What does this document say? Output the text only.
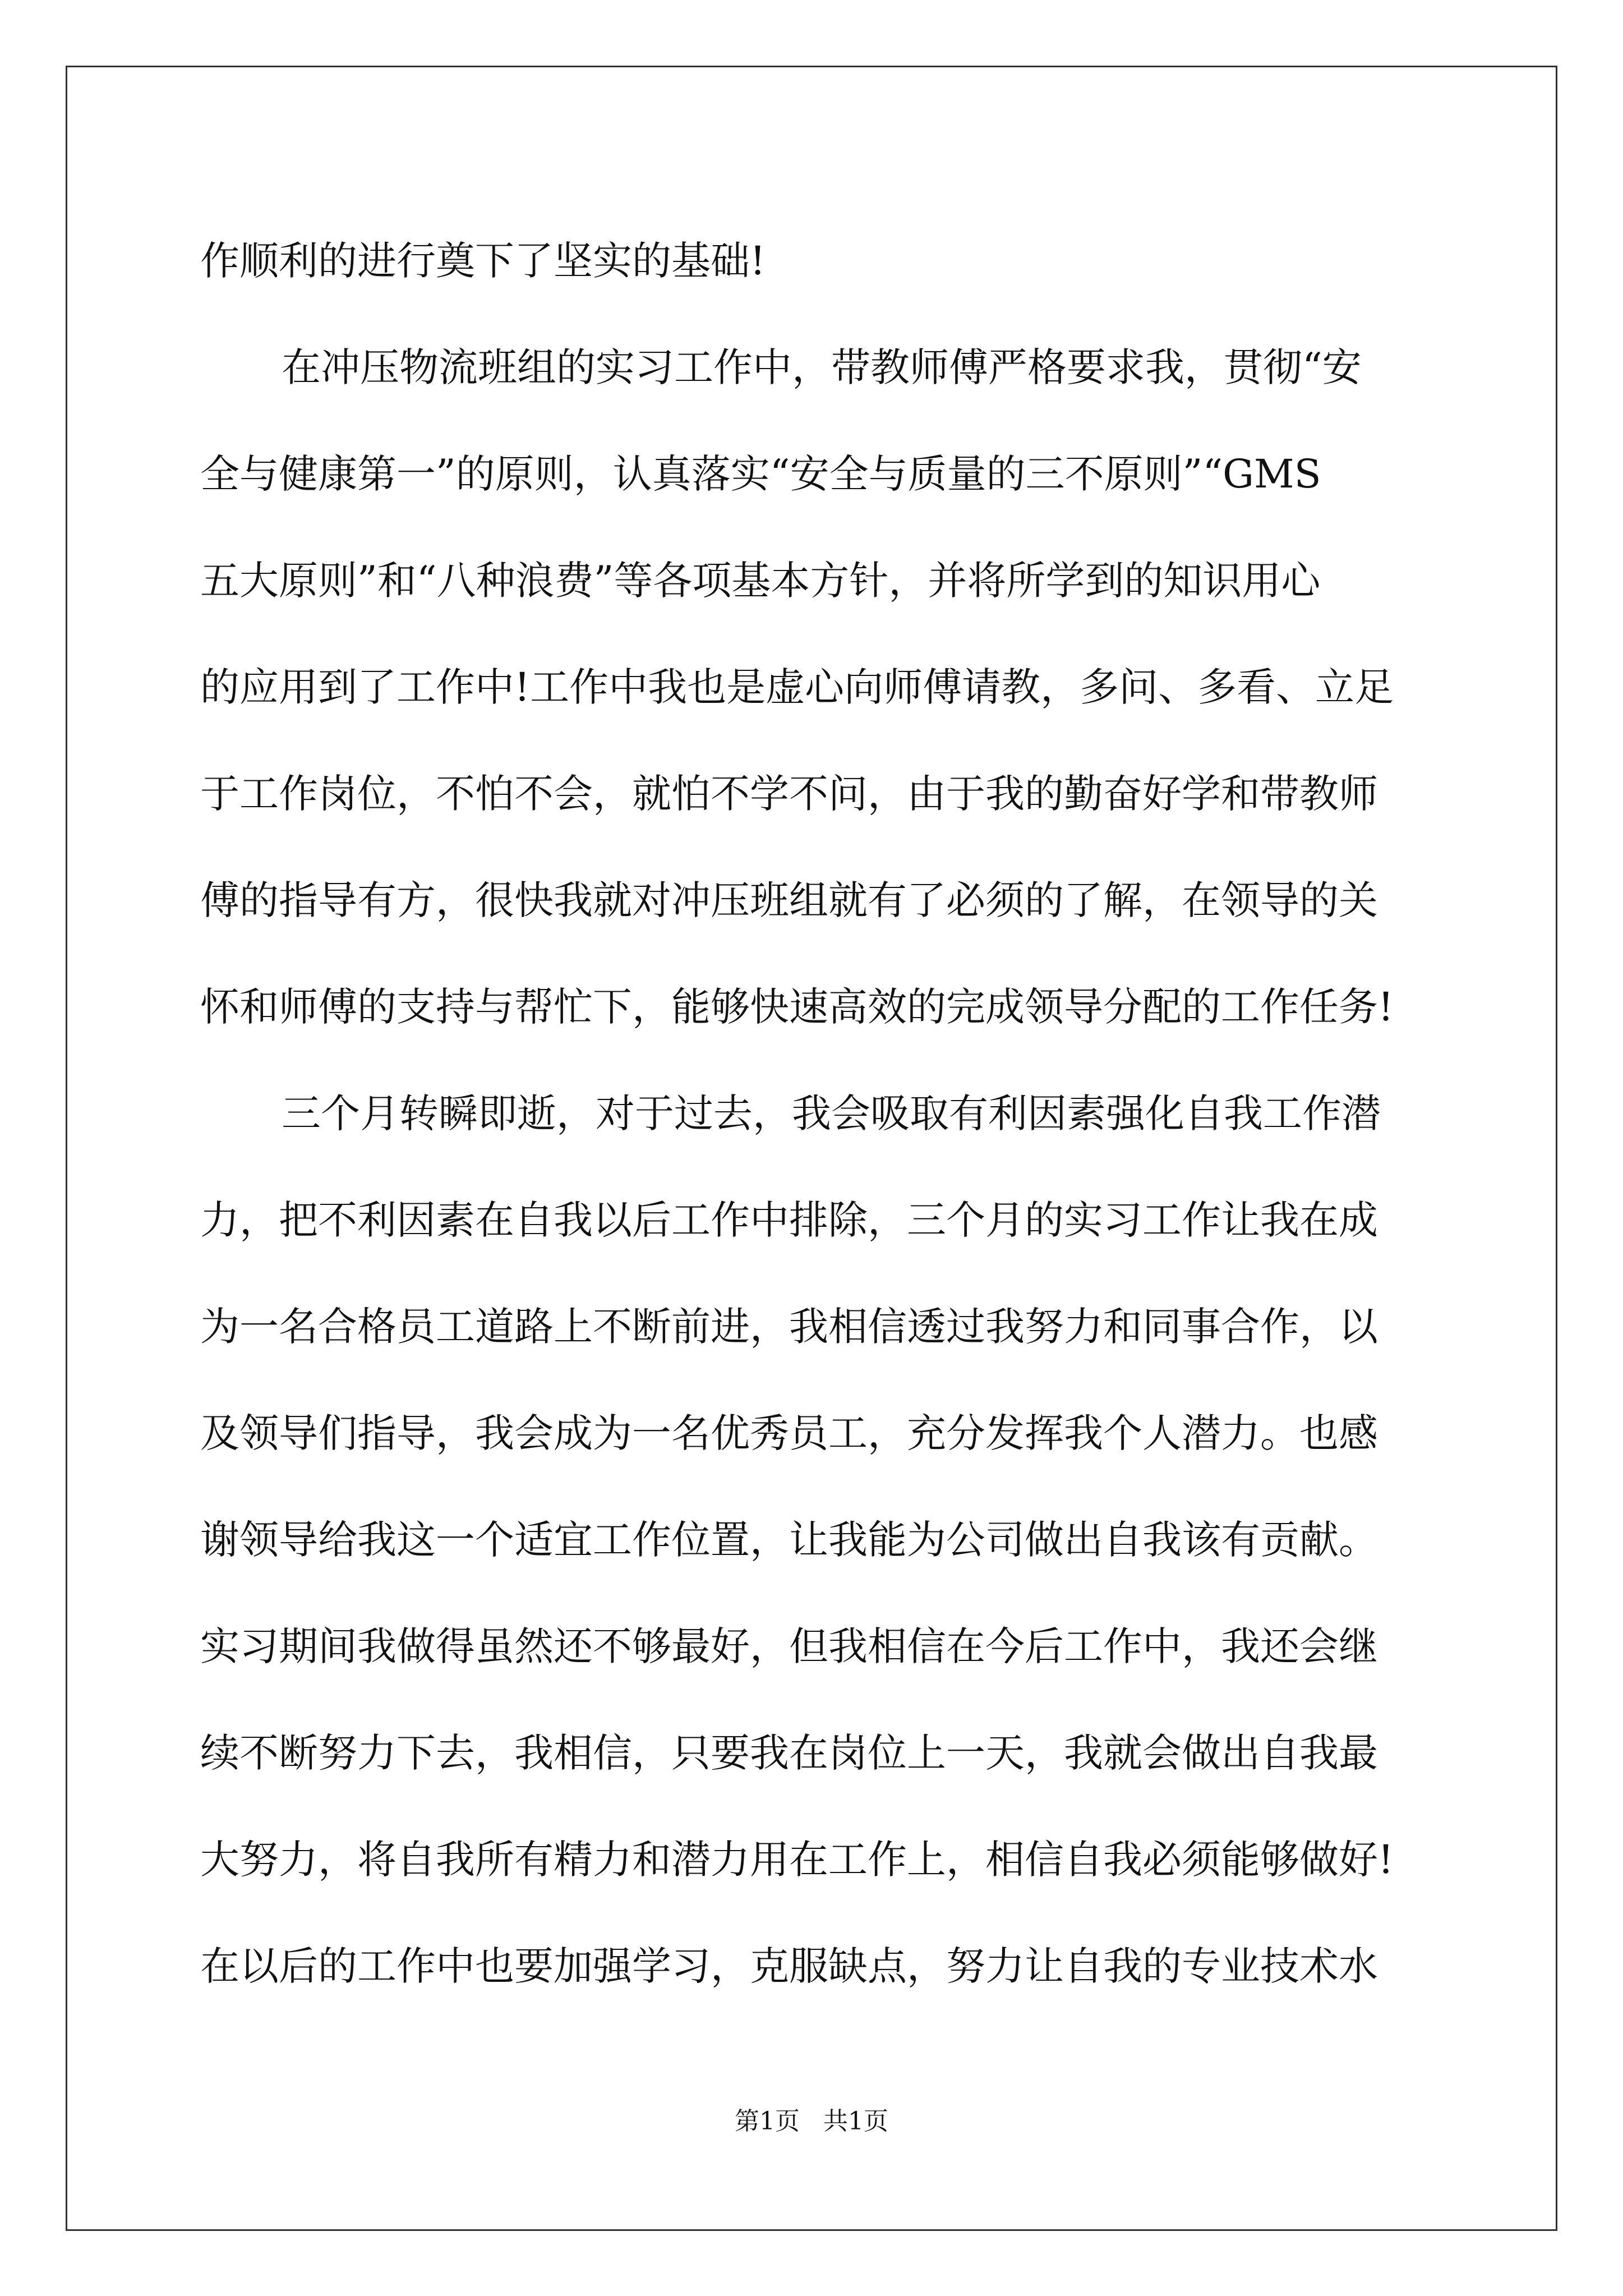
作顺利的进行奠下了坚实的基础!
在冲压物流班组的实习工作中，带教师傅严格要求我，贯彻“安
全与健康第一”的原则，认真落实“安全与质量的三不原则”“GMS
五大原则”和“八种浪费”等各项基本方针，并将所学到的知识用心
的应用到了工作中!工作中我也是虚心向师傅请教，多问、多看、立足
于工作岗位，不怕不会，就怕不学不问，由于我的勤奋好学和带教师
傅的指导有方，很快我就对冲压班组就有了必须的了解，在领导的关
怀和师傅的支持与帮忙下，能够快速高效的完成领导分配的工作任务!
三个月转瞬即逝，对于过去，我会吸取有利因素强化自我工作潜
力，把不利因素在自我以后工作中排除，三个月的实习工作让我在成
为一名合格员工道路上不断前进，我相信透过我努力和同事合作，以
及领导们指导，我会成为一名优秀员工，充分发挥我个人潜力。也感
谢领导给我这一个适宜工作位置，让我能为公司做出自我该有贡献。
实习期间我做得虽然还不够最好，但我相信在今后工作中，我还会继
续不断努力下去，我相信，只要我在岗位上一天，我就会做出自我最
大努力，将自我所有精力和潜力用在工作上，相信自我必须能够做好!
在以后的工作中也要加强学习，克服缺点，努力让自我的专业技术水
第1页   共1页
